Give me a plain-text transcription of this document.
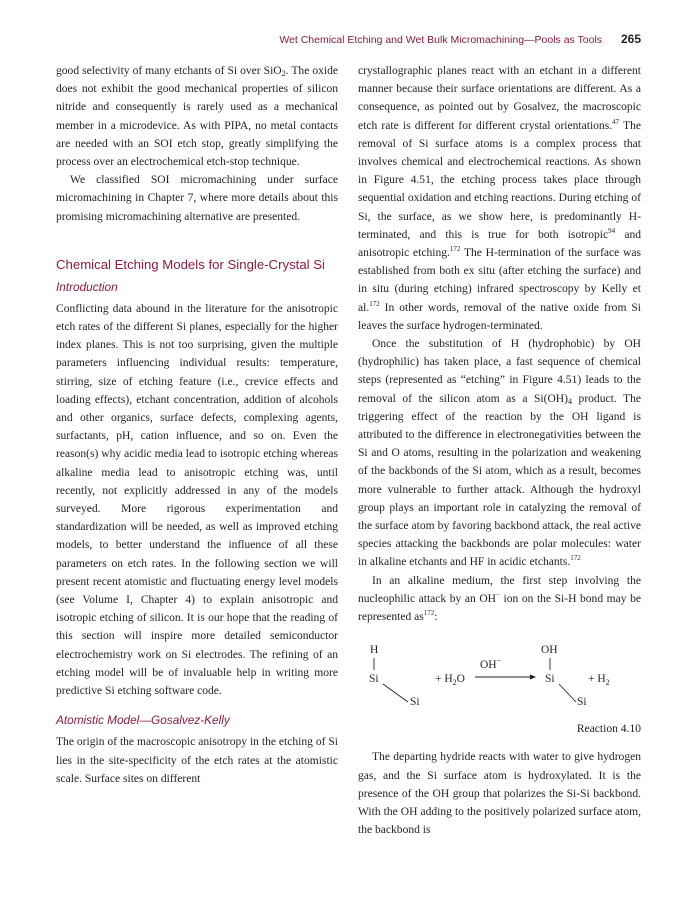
Wet Chemical Etching and Wet Bulk Micromachining—Pools as Tools 265

good selectivity of many etchants of Si over SiO$_2$. The oxide does not exhibit the good mechanical properties of silicon nitride and consequently is rarely used as a mechanical member in a microdevice. As with PIPA, no metal contacts are needed with an SOI etch stop, greatly simplifying the process over an electrochemical etch-stop technique.

We classified SOI micromachining under surface micromachining in Chapter 7, where more details about this promising micromachining alternative are presented.

Chemical Etching Models for Single-Crystal Si
Introduction

Conflicting data abound in the literature for the anisotropic etch rates of the different Si planes, especially for the higher index planes. This is not too surprising, given the multiple parameters influencing individual results: temperature, stirring, size of etching feature (i.e., crevice effects and loading effects), etchant concentration, addition of alcohols and other organics, surface defects, complexing agents, surfactants, pH, cation influence, and so on. Even the reason(s) why acidic media lead to isotropic etching whereas alkaline media lead to anisotropic etching was, until recently, not explicitly addressed in any of the models surveyed. More rigorous experimentation and standardization will be needed, as well as improved etching models, to better understand the influence of all these parameters on etch rates. In the following section we will present recent atomistic and fluctuating energy level models (see Volume I, Chapter 4) to explain anisotropic and isotropic etching of silicon. It is our hope that the reading of this section will inspire more detailed semiconductor electrochemistry work on Si electrodes. The refining of an etching model will be of invaluable help in writing more predictive Si etching software code.

Atomistic Model—Gosalvez-Kelly

The origin of the macroscopic anisotropy in the etching of Si lies in the site-specificity of the etch rates at the atomistic scale. Surface sites on different

crystallographic planes react with an etchant in a different manner because their surface orientations are different. As a consequence, as pointed out by Gosalvez, the macroscopic etch rate is different for different crystal orientations.$^{47}$ The removal of Si surface atoms is a complex process that involves chemical and electrochemical reactions. As shown in Figure 4.51, the etching process takes place through sequential oxidation and etching reactions. During etching of Si, the surface, as we show here, is predominantly H-terminated, and this is true for both isotropic$^{94}$ and anisotropic etching.$^{172}$ The H-termination of the surface was established from both ex situ (after etching the surface) and in situ (during etching) infrared spectroscopy by Kelly et al.$^{172}$ In other words, removal of the native oxide from Si leaves the surface hydrogen-terminated.

Once the substitution of H (hydrophobic) by OH (hydrophilic) has taken place, a fast sequence of chemical steps (represented as “etching” in Figure 4.51) leads to the removal of the silicon atom as a $Si(OH)_4$ product. The triggering effect of the reaction by the OH ligand is attributed to the difference in electronegativities between the Si and O atoms, resulting in the polarization and weakening of the backbonds of the Si atom, which as a result, becomes more vulnerable to further attack. Although the hydroxyl group plays an important role in catalyzing the removal of the surface atom by favoring backbond attack, the real active species attacking the backbonds are polar molecules: water in alkaline etchants and HF in acidic etchants.$^{172}$

In an alkaline medium, the first step involving the nucleophilic attack by an OH− ion on the Si-H bond may be represented $as^{172}$:

H
Si
Si
+ $H_2O$
OH−
OH
Si
Si
+ $H_2$
Reaction 4.10

The departing hydride reacts with water to give hydrogen gas, and the Si surface atom is hydroxylated. It is the presence of the OH group that polarizes the Si-Si backbond. With the OH adding to the positively polarized surface atom, the backbond is
